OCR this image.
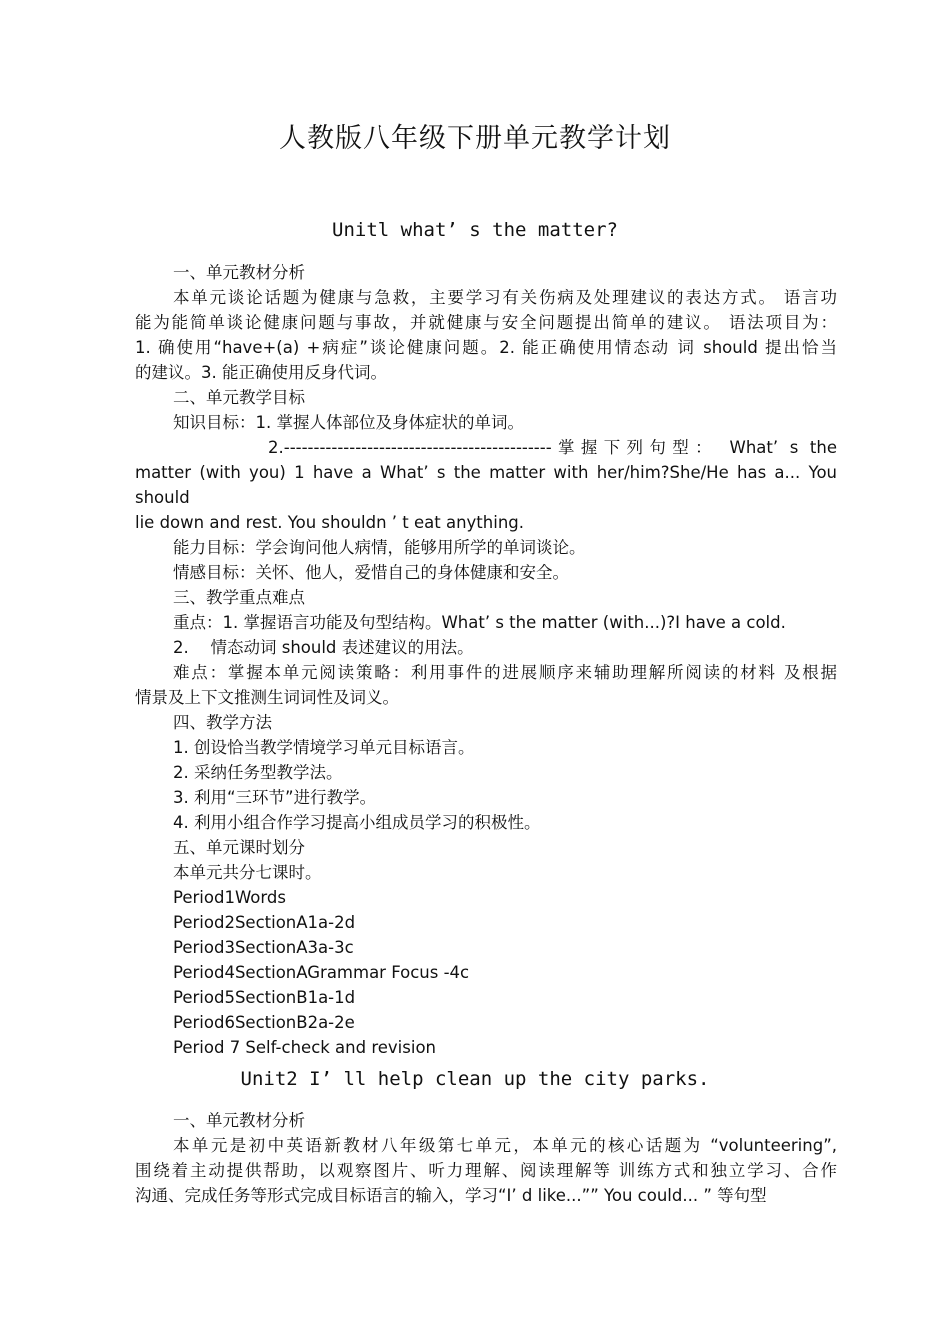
人教版八年级下册单元教学计划
Unitl what’ s the matter?
一、单元教材分析
本单元谈论话题为健康与急救，主要学习有关伤病及处理建议的表达方式。 语言功
能为能简单谈论健康问题与事故，并就健康与安全问题提出简单的建议。 语法项目为：
1. 确使用“have+(a) +病症”谈论健康问题。2. 能正确使用情态动 词 should 提出恰当
的建议。3. 能正确使用反身代词。
二、单元教学目标
知识目标：1. 掌握人体部位及身体症状的单词。
2.---------------------------------------------掌握下列句型： What’ s the
matter (with you) 1 have a What’ s the matter with her/him?She/He has a... You
should
lie down and rest. You shouldn ’ t eat anything.
能力目标：学会询问他人病情，能够用所学的单词谈论。
情感目标：关怀、他人，爱惜自己的身体健康和安全。
三、教学重点难点
重点：1. 掌握语言功能及句型结构。What’ s the matter (with...)?I have a cold.
2.　 情态动词 should 表述建议的用法。
难点：掌握本单元阅读策略：利用事件的进展顺序来辅助理解所阅读的材料 及根据
情景及上下文推测生词词性及词义。
四、教学方法
1. 创设恰当教学情境学习单元目标语言。
2. 采纳任务型教学法。
3. 利用“三环节”进行教学。
4. 利用小组合作学习提高小组成员学习的积极性。
五、单元课时划分
本单元共分七课时。
Period1Words
Period2SectionA1a-2d
Period3SectionA3a-3c
Period4SectionAGrammar Focus -4c
Period5SectionB1a-1d
Period6SectionB2a-2e
Period 7 Self-check and revision
Unit2 I’ ll help clean up the city parks.
一、单元教材分析
本单元是初中英语新教材八年级第七单元，本单元的核心话题为 “volunteering”,
围绕着主动提供帮助，以观察图片、听力理解、阅读理解等 训练方式和独立学习、合作
沟通、完成任务等形式完成目标语言的输入，学习“I’ d like...”” You could... ” 等句型
